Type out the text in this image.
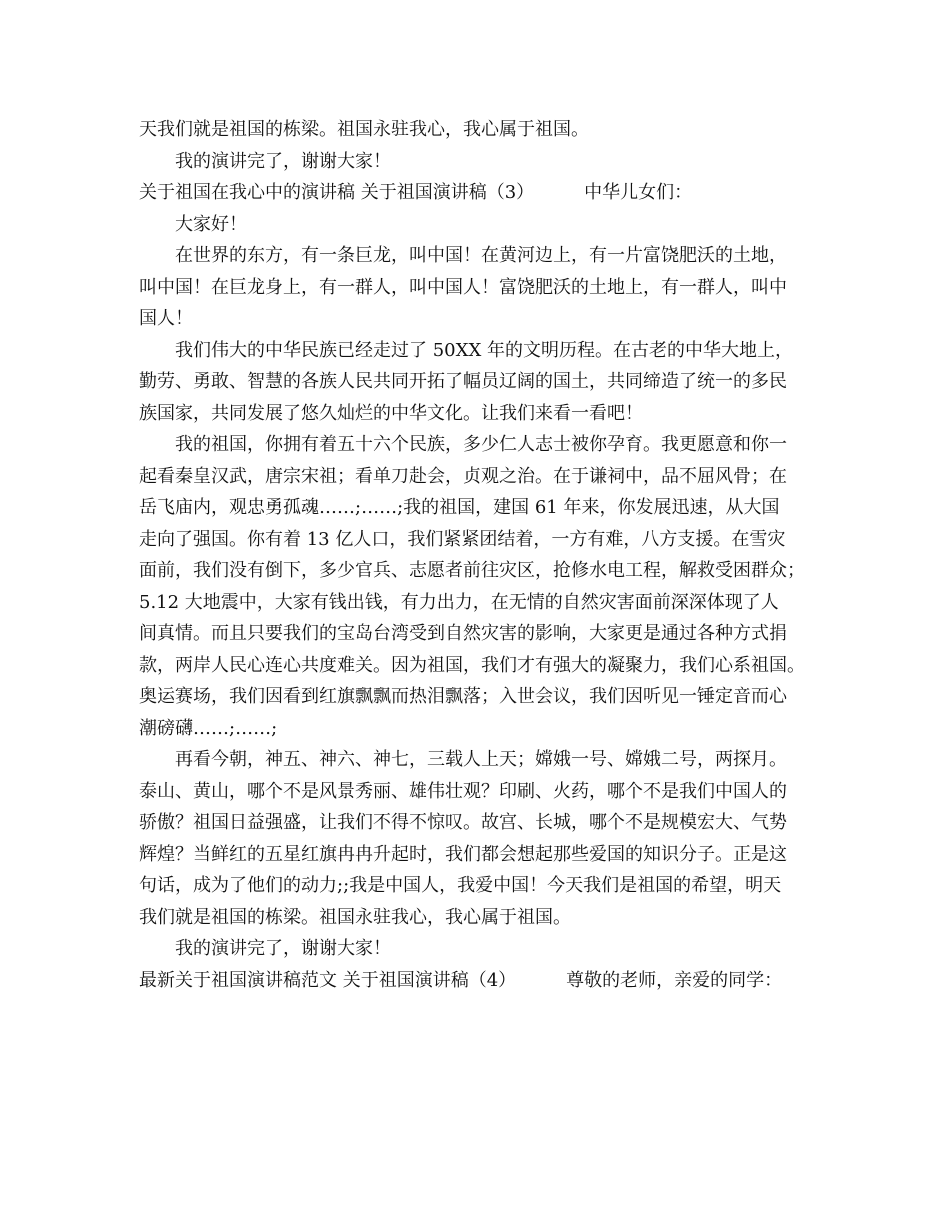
天我们就是祖国的栋梁。祖国永驻我心，我心属于祖国。
我的演讲完了，谢谢大家！
关于祖国在我心中的演讲稿 关于祖国演讲稿（3）	中华儿女们：
大家好！
在世界的东方，有一条巨龙，叫中国！在黄河边上，有一片富饶肥沃的土地，
叫中国！在巨龙身上，有一群人，叫中国人！富饶肥沃的土地上，有一群人，叫中
国人！
我们伟大的中华民族已经走过了 50XX 年的文明历程。在古老的中华大地上，
勤劳、勇敢、智慧的各族人民共同开拓了幅员辽阔的国土，共同缔造了统一的多民
族国家，共同发展了悠久灿烂的中华文化。让我们来看一看吧！
我的祖国，你拥有着五十六个民族，多少仁人志士被你孕育。我更愿意和你一
起看秦皇汉武，唐宗宋祖；看单刀赴会，贞观之治。在于谦祠中，品不屈风骨；在
岳飞庙内，观忠勇孤魂……;……;我的祖国，建国 61 年来，你发展迅速，从大国
走向了强国。你有着 13 亿人口，我们紧紧团结着，一方有难，八方支援。在雪灾
面前，我们没有倒下，多少官兵、志愿者前往灾区，抢修水电工程，解救受困群众；
5.12 大地震中，大家有钱出钱，有力出力，在无情的自然灾害面前深深体现了人
间真情。而且只要我们的宝岛台湾受到自然灾害的影响，大家更是通过各种方式捐
款，两岸人民心连心共度难关。因为祖国，我们才有强大的凝聚力，我们心系祖国。
奥运赛场，我们因看到红旗飘飘而热泪飘落；入世会议，我们因听见一锤定音而心
潮磅礴……;……;
再看今朝，神五、神六、神七，三载人上天；嫦娥一号、嫦娥二号，两探月。
泰山、黄山，哪个不是风景秀丽、雄伟壮观？印刷、火药，哪个不是我们中国人的
骄傲？祖国日益强盛，让我们不得不惊叹。故宫、长城，哪个不是规模宏大、气势
辉煌？当鲜红的五星红旗冉冉升起时，我们都会想起那些爱国的知识分子。正是这
句话，成为了他们的动力;;我是中国人，我爱中国！今天我们是祖国的希望，明天
我们就是祖国的栋梁。祖国永驻我心，我心属于祖国。
我的演讲完了，谢谢大家！
最新关于祖国演讲稿范文 关于祖国演讲稿（4）	尊敬的老师，亲爱的同学：
